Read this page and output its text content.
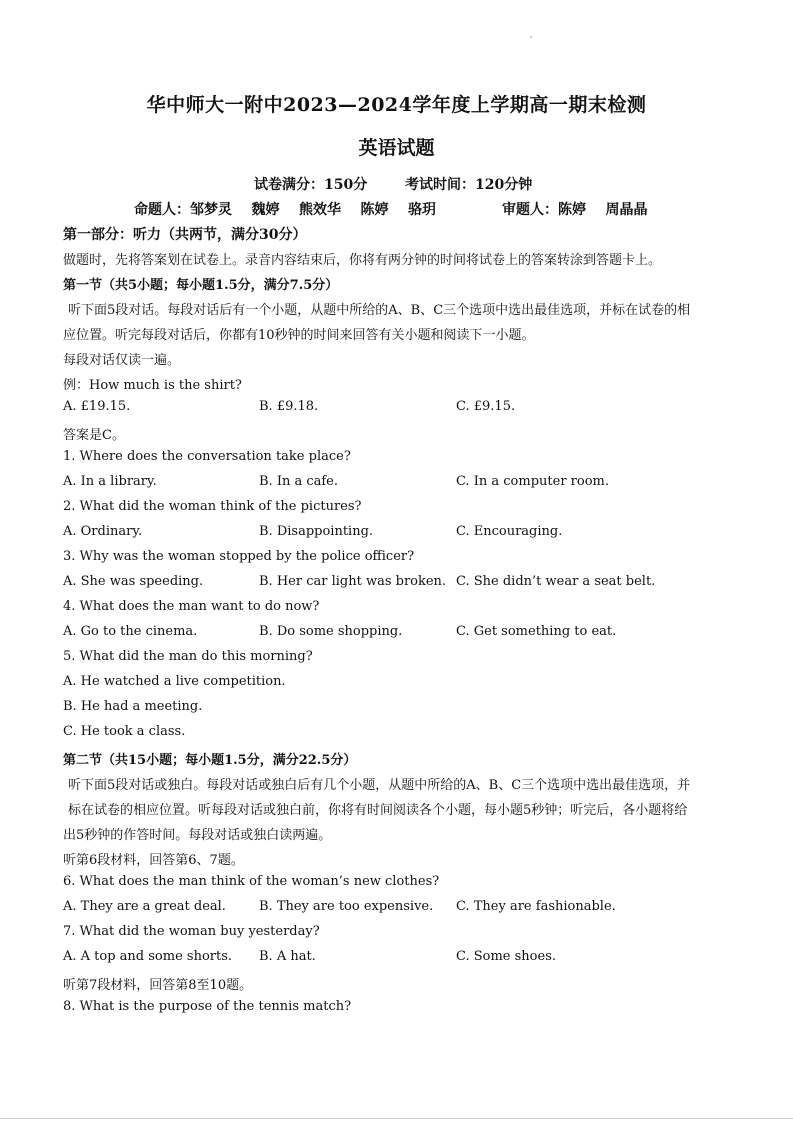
华中师大一附中2023—2024学年度上学期高一期末检测
英语试题
试卷满分：150分	考试时间：120分钟
命题人：邹梦灵    魏婷    熊效华    陈婷    骆玥	审题人：陈婷    周晶晶
第一部分：听力（共两节，满分30分）
做题时，先将答案划在试卷上。录音内容结束后，你将有两分钟的时间将试卷上的答案转涂到答题卡上。
第一节（共5小题；每小题1.5分，满分7.5分）
听下面5段对话。每段对话后有一个小题，从题中所给的A、B、C三个选项中选出最佳选项，并标在试卷的相
应位置。听完每段对话后，你都有10秒钟的时间来回答有关小题和阅读下一小题。
每段对话仅读一遍。
例：How much is the shirt?
A. £19.15.	B. £9.18.	C. £9.15.
答案是C。
1. Where does the conversation take place?
A. In a library.	B. In a cafe.	C. In a computer room.
2. What did the woman think of the pictures?
A. Ordinary.	B. Disappointing.	C. Encouraging.
3. Why was the woman stopped by the police officer?
A. She was speeding.	B. Her car light was broken. C. She didn’t wear a seat belt.
4. What does the man want to do now?
A. Go to the cinema.	B. Do some shopping.	C. Get something to eat.
5. What did the man do this morning?
A. He watched a live competition.
B. He had a meeting.
C. He took a class.
第二节（共15小题；每小题1.5分，满分22.5分）
听下面5段对话或独白。每段对话或独白后有几个小题，从题中所给的A、B、C三个选项中选出最佳选项，并
标在试卷的相应位置。听每段对话或独白前，你将有时间阅读各个小题，每小题5秒钟；听完后，各小题将给
出5秒钟的作答时间。每段对话或独白读两遍。
听第6段材料，回答第6、7题。
6. What does the man think of the woman’s new clothes?
A. They are a great deal.	B. They are too expensive. C. They are fashionable.
7. What did the woman buy yesterday?
A. A top and some shorts. B. A hat.	C. Some shoes.
听第7段材料，回答第8至10题。
8. What is the purpose of the tennis match?
